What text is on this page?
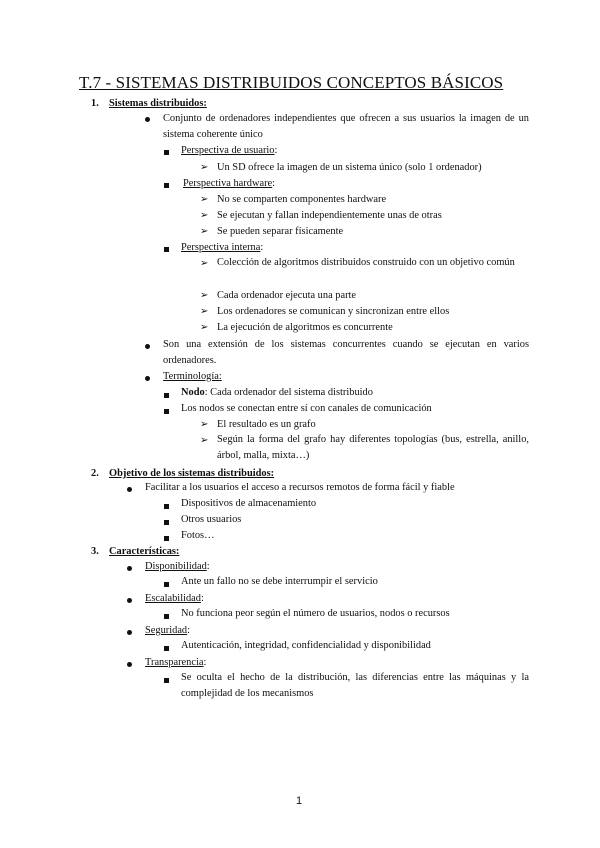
T.7 - SISTEMAS DISTRIBUIDOS CONCEPTOS BÁSICOS
1. Sistemas distribuidos:
Conjunto de ordenadores independientes que ofrecen a sus usuarios la imagen de un sistema coherente único
Perspectiva de usuario:
➢ Un SD ofrece la imagen de un sistema único (solo 1 ordenador)
Perspectiva hardware:
➢ No se comparten componentes hardware
➢ Se ejecutan y fallan independientemente unas de otras
➢ Se pueden separar físicamente
Perspectiva interna:
➢ Colección de algoritmos distribuidos construido con un objetivo común
➢ Cada ordenador ejecuta una parte
➢ Los ordenadores se comunican y sincronizan entre ellos
➢ La ejecución de algoritmos es concurrente
Son una extensión de los sistemas concurrentes cuando se ejecutan en varios ordenadores.
Terminología:
Nodo: Cada ordenador del sistema distribuido
Los nodos se conectan entre sí con canales de comunicación
➢ El resultado es un grafo
➢ Según la forma del grafo hay diferentes topologías (bus, estrella, anillo, árbol, malla, mixta…)
2. Objetivo de los sistemas distribuidos:
Facilitar a los usuarios el acceso a recursos remotos de forma fácil y fiable
Dispositivos de almacenamiento
Otros usuarios
Fotos…
3. Características:
Disponibilidad:
Ante un fallo no se debe interrumpir el servicio
Escalabilidad:
No funciona peor según el número de usuarios, nodos o recursos
Seguridad:
Autenticación, integridad, confidencialidad y disponibilidad
Transparencia:
Se oculta el hecho de la distribución, las diferencias entre las máquinas y la complejidad de los mecanismos
1
